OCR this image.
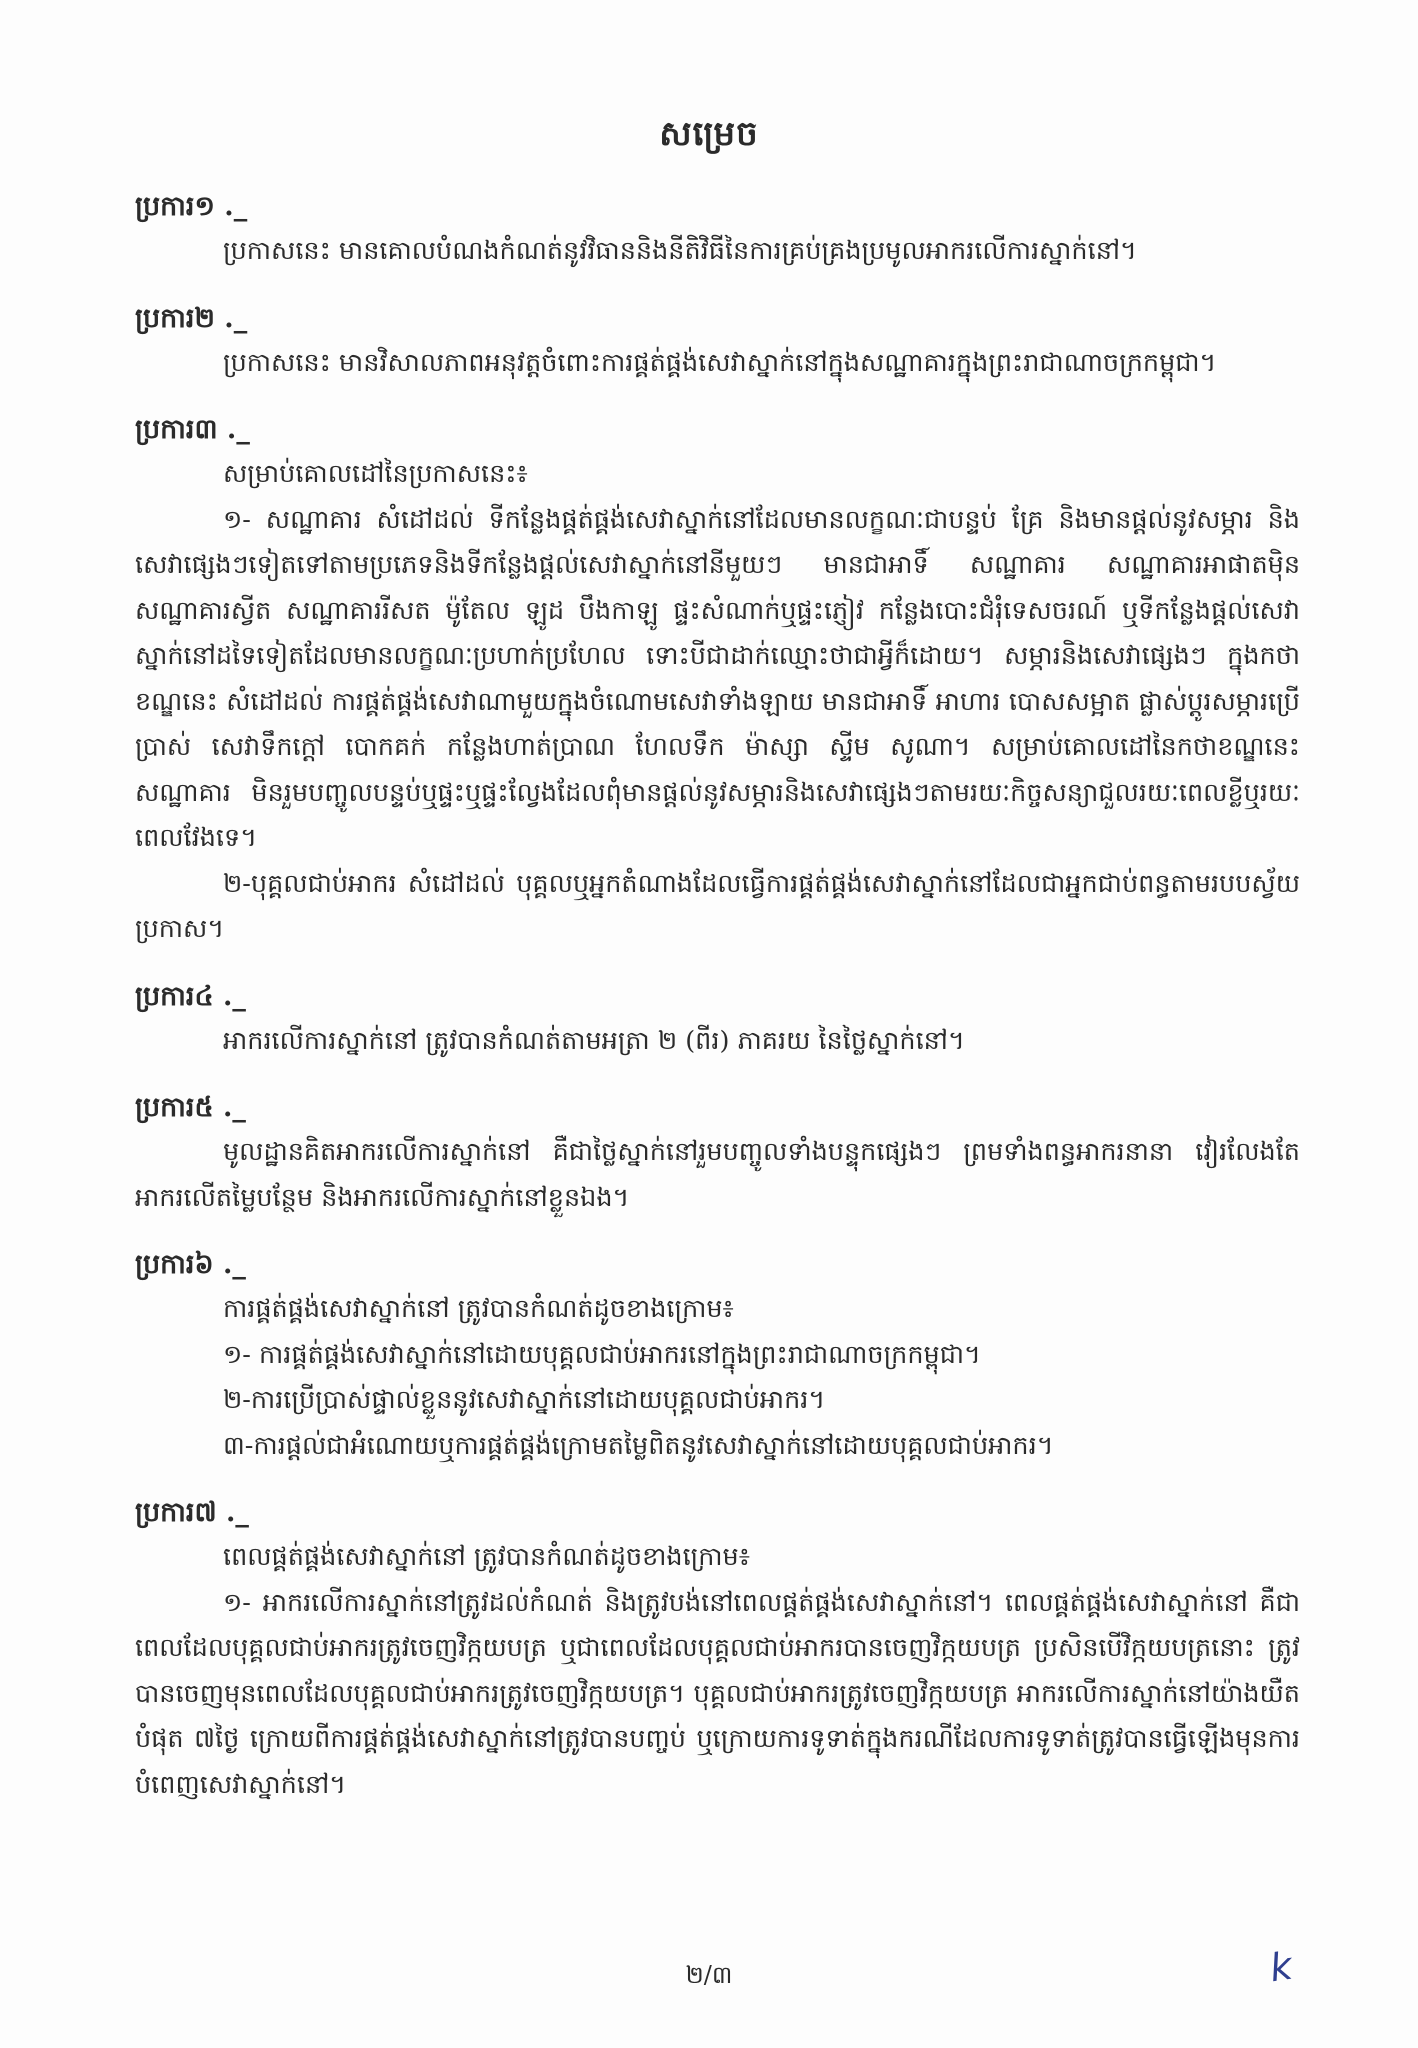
សម្រេច
ប្រការ១ ._

ប្រកាសនេះ មានគោលបំណងកំណត់នូវវិធាននិងនីតិវិធីនៃការគ្រប់គ្រងប្រមូលអាករលើការស្នាក់នៅ។

ប្រការ២ ._

ប្រកាសនេះ មានវិសាលភាពអនុវត្តចំពោះការផ្គត់ផ្គង់សេវាស្នាក់នៅក្នុងសណ្ឋាគារក្នុងព្រះរាជាណាចក្រកម្ពុជា។

ប្រការ៣ ._

សម្រាប់គោលដៅនៃប្រកាសនេះ៖

១- សណ្ឋាគារ សំដៅដល់ ទីកន្លែងផ្គត់ផ្គង់សេវាស្នាក់នៅដែលមានលក្ខណៈជាបន្ទប់ គ្រែ និងមានផ្តល់នូវសម្ភារ និងសេវាផ្សេងៗទៀតទៅតាមប្រភេទនិងទីកន្លែងផ្តល់សេវាស្នាក់នៅនីមួយៗ មានជាអាទិ៍ សណ្ឋាគារ សណ្ឋាគារអាផាតម៉ិន សណ្ឋាគារស្វីត សណ្ឋាគាររីសត ម៉ូតែល ឡូដ បឹងកាឡូ ផ្ទះសំណាក់ឬផ្ទះភ្ញៀវ កន្លែងបោះជំរុំទេសចរណ៍ ឬទីកន្លែងផ្តល់សេវាស្នាក់នៅដទៃទៀតដែលមានលក្ខណៈប្រហាក់ប្រហែល ទោះបីជាដាក់ឈ្មោះថាជាអ្វីក៏ដោយ។ សម្ភារនិងសេវាផ្សេងៗ ក្នុងកថាខណ្ឌនេះ សំដៅដល់ ការផ្គត់ផ្គង់សេវាណាមួយក្នុងចំណោមសេវាទាំងឡាយ មានជាអាទិ៍ អាហារ បោសសម្អាត ផ្លាស់ប្តូរសម្ភារប្រើប្រាស់ សេវាទឹកក្តៅ បោកគក់ កន្លែងហាត់ប្រាណ ហែលទឹក ម៉ាស្សា ស្ទីម សូណា។ សម្រាប់គោលដៅនៃកថាខណ្ឌនេះ សណ្ឋាគារ មិនរួមបញ្ចូលបន្ទប់ឬផ្ទះឬផ្ទះល្វែងដែលពុំមានផ្តល់នូវសម្ភារនិងសេវាផ្សេងៗតាមរយៈកិច្ចសន្យាជួលរយៈពេលខ្លីឬរយៈពេលវែងទេ។

២-បុគ្គលជាប់អាករ សំដៅដល់ បុគ្គលឬអ្នកតំណាងដែលធ្វើការផ្គត់ផ្គង់សេវាស្នាក់នៅដែលជាអ្នកជាប់ពន្ធតាមរបបស្វ័យប្រកាស។

ប្រការ៤ ._

អាករលើការស្នាក់នៅ ត្រូវបានកំណត់តាមអត្រា ២ (ពីរ) ភាគរយ នៃថ្លៃស្នាក់នៅ។

ប្រការ៥ ._

មូលដ្ឋានគិតអាករលើការស្នាក់នៅ គឺជាថ្លៃស្នាក់នៅរួមបញ្ចូលទាំងបន្ទុកផ្សេងៗ ព្រមទាំងពន្ធអាករនានា វៀរលែងតែអាករលើតម្លៃបន្ថែម និងអាករលើការស្នាក់នៅខ្លួនឯង។

ប្រការ៦ ._

ការផ្គត់ផ្គង់សេវាស្នាក់នៅ ត្រូវបានកំណត់ដូចខាងក្រោម៖

១- ការផ្គត់ផ្គង់សេវាស្នាក់នៅដោយបុគ្គលជាប់អាករនៅក្នុងព្រះរាជាណាចក្រកម្ពុជា។

២-ការប្រើប្រាស់ផ្ទាល់ខ្លួននូវសេវាស្នាក់នៅដោយបុគ្គលជាប់អាករ។

៣-ការផ្តល់ជាអំណោយឬការផ្គត់ផ្គង់ក្រោមតម្លៃពិតនូវសេវាស្នាក់នៅដោយបុគ្គលជាប់អាករ។

ប្រការ៧ ._

ពេលផ្គត់ផ្គង់សេវាស្នាក់នៅ ត្រូវបានកំណត់ដូចខាងក្រោម៖

១- អាករលើការស្នាក់នៅត្រូវដល់កំណត់ និងត្រូវបង់នៅពេលផ្គត់ផ្គង់សេវាស្នាក់នៅ។ ពេលផ្គត់ផ្គង់សេវាស្នាក់នៅ គឺជាពេលដែលបុគ្គលជាប់អាករត្រូវចេញវិក្កយបត្រ ឬជាពេលដែលបុគ្គលជាប់អាករបានចេញវិក្កយបត្រ ប្រសិនបើវិក្កយបត្រនោះ ត្រូវបានចេញមុនពេលដែលបុគ្គលជាប់អាករត្រូវចេញវិក្កយបត្រ។ បុគ្គលជាប់អាករត្រូវចេញវិក្កយបត្រ អាករលើការស្នាក់នៅយ៉ាងយឺតបំផុត ៧ថ្ងៃ ក្រោយពីការផ្គត់ផ្គង់សេវាស្នាក់នៅត្រូវបានបញ្ចប់ ឬក្រោយការទូទាត់ក្នុងករណីដែលការទូទាត់ត្រូវបានធ្វើឡើងមុនការបំពេញសេវាស្នាក់នៅ។

២/៣	k
